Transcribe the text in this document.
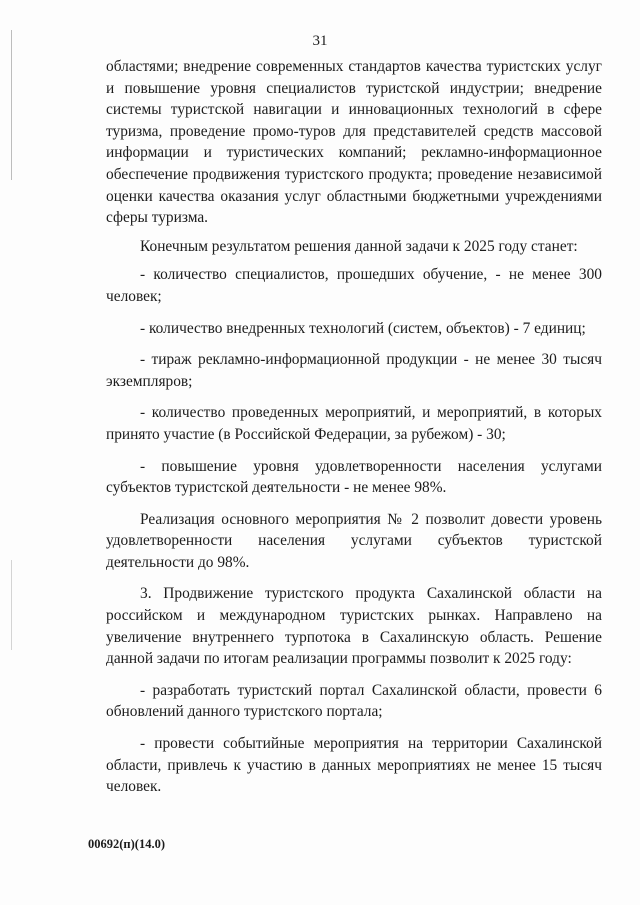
31

областями; внедрение современных стандартов качества туристских услуг и повышение уровня специалистов туристской индустрии; внедрение системы туристской навигации и инновационных технологий в сфере туризма, проведение промо-туров для представителей средств массовой информации и туристических компаний; рекламно-информационное обеспечение продвижения туристского продукта; проведение независимой оценки качества оказания услуг областными бюджетными учреждениями сферы туризма.

Конечным результатом решения данной задачи к 2025 году станет:

- количество специалистов, прошедших обучение, - не менее 300 человек;

- количество внедренных технологий (систем, объектов) - 7 единиц;

- тираж рекламно-информационной продукции - не менее 30 тысяч экземпляров;

- количество проведенных мероприятий, и мероприятий, в которых принято участие (в Российской Федерации, за рубежом) - 30;

- повышение уровня удовлетворенности населения услугами субъектов туристской деятельности - не менее 98%.

Реализация основного мероприятия № 2 позволит довести уровень удовлетворенности населения услугами субъектов туристской деятельности до 98%.

3. Продвижение туристского продукта Сахалинской области на российском и международном туристских рынках. Направлено на увеличение внутреннего турпотока в Сахалинскую область. Решение данной задачи по итогам реализации программы позволит к 2025 году:

- разработать туристский портал Сахалинской области, провести 6 обновлений данного туристского портала;

- провести событийные мероприятия на территории Сахалинской области, привлечь к участию в данных мероприятиях не менее 15 тысяч человек.

00692(п)(14.0)
